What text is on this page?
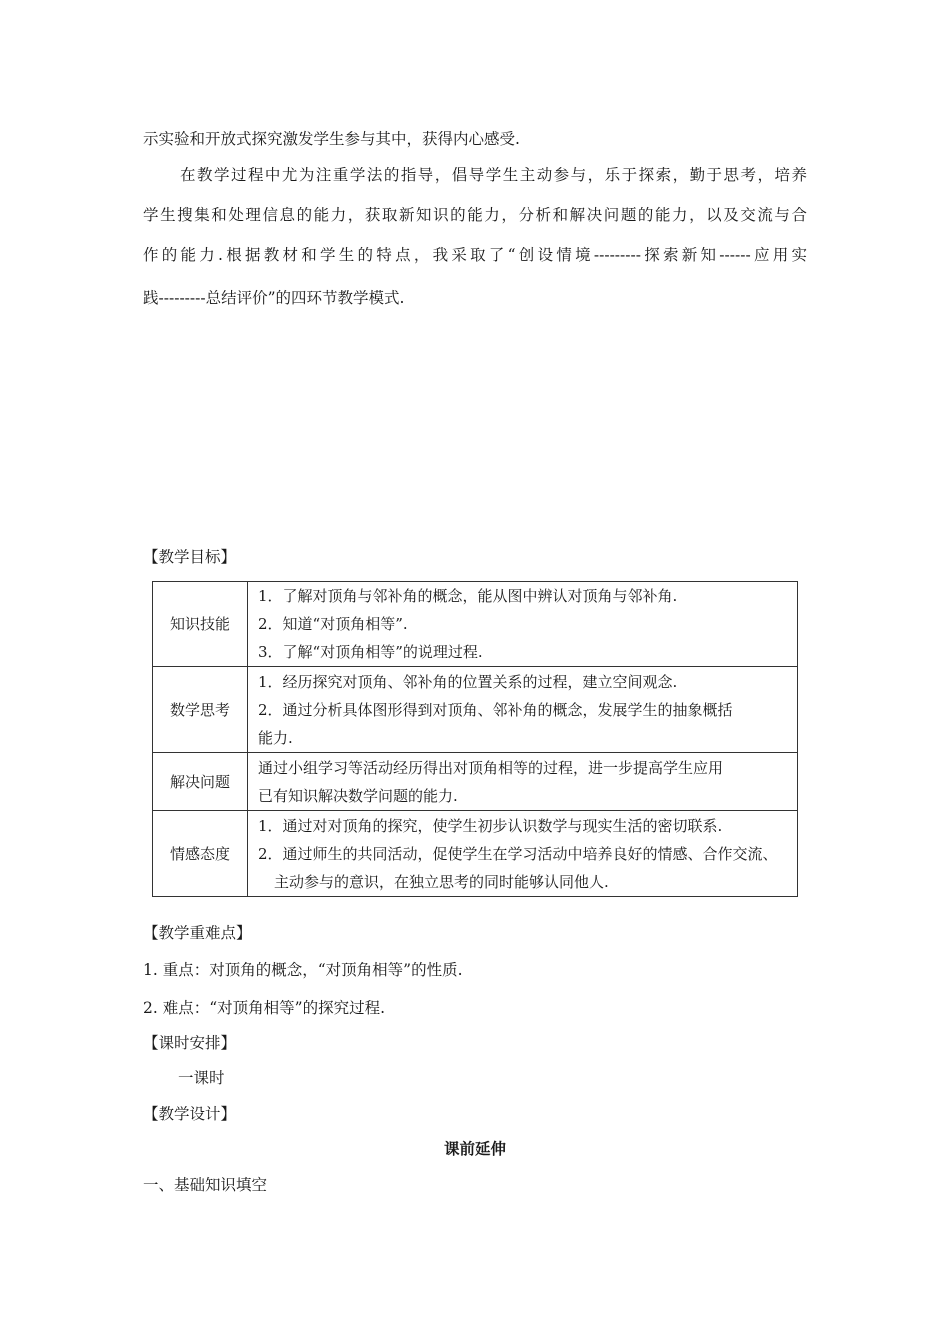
示实验和开放式探究激发学生参与其中，获得内心感受.
在教学过程中尤为注重学法的指导，倡导学生主动参与，乐于探索，勤于思考，培养
学生搜集和处理信息的能力，获取新知识的能力，分析和解决问题的能力，以及交流与合
作的能力.根据教材和学生的特点，我采取了“创设情境---------探索新知------应用实
践---------总结评价”的四环节教学模式.
【教学目标】
知识技能	1．了解对顶角与邻补角的概念，能从图中辨认对顶角与邻补角.
2．知道“对顶角相等”.
3．了解“对顶角相等”的说理过程.

数学思考	1．经历探究对顶角、邻补角的位置关系的过程，建立空间观念.
2．通过分析具体图形得到对顶角、邻补角的概念，发展学生的抽象概括
能力.

解决问题	通过小组学习等活动经历得出对顶角相等的过程，进一步提高学生应用
已有知识解决数学问题的能力.

情感态度	1．通过对对顶角的探究，使学生初步认识数学与现实生活的密切联系.
2．通过师生的共同活动，促使学生在学习活动中培养良好的情感、合作交流、主动参与的意识，在独立思考的同时能够认同他人.
【教学重难点】
1. 重点：对顶角的概念，“对顶角相等”的性质.
2. 难点：“对顶角相等”的探究过程.
【课时安排】
一课时
【教学设计】
课前延伸
一、基础知识填空
